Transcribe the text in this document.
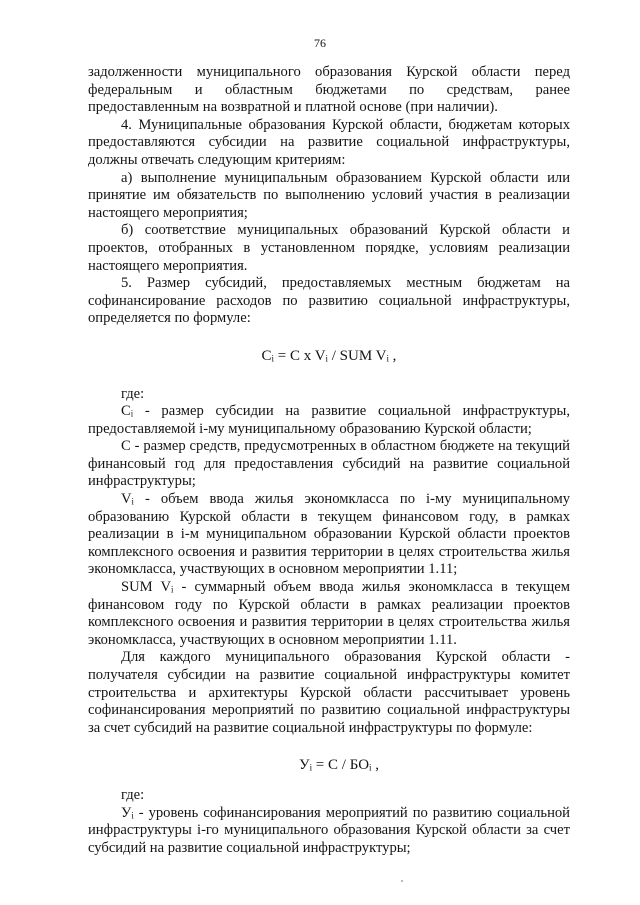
76

задолженности муниципального образования Курской области перед федеральным и областным бюджетами по средствам, ранее предоставленным на возвратной и платной основе (при наличии).

4. Муниципальные образования Курской области, бюджетам которых предоставляются субсидии на развитие социальной инфраструктуры, должны отвечать следующим критериям:

а) выполнение муниципальным образованием Курской области или принятие им обязательств по выполнению условий участия в реализации настоящего мероприятия;

б) соответствие муниципальных образований Курской области и проектов, отобранных в установленном порядке, условиям реализации настоящего мероприятия.

5. Размер субсидий, предоставляемых местным бюджетам на софинансирование расходов по развитию социальной инфраструктуры, определяется по формуле:

Cᵢ = C x Vᵢ / SUM Vᵢ ,

где:

Cᵢ - размер субсидии на развитие социальной инфраструктуры, предоставляемой i-му муниципальному образованию Курской области;

С - размер средств, предусмотренных в областном бюджете на текущий финансовый год для предоставления субсидий на развитие социальной инфраструктуры;

Vᵢ - объем ввода жилья экономкласса по i-му муниципальному образованию Курской области в текущем финансовом году, в рамках реализации в i-м муниципальном образовании Курской области проектов комплексного освоения и развития территории в целях строительства жилья экономкласса, участвующих в основном мероприятии 1.11;

SUM Vᵢ - суммарный объем ввода жилья экономкласса в текущем финансовом году по Курской области в рамках реализации проектов комплексного освоения и развития территории в целях строительства жилья экономкласса, участвующих в основном мероприятии 1.11.

Для каждого муниципального образования Курской области - получателя субсидии на развитие социальной инфраструктуры комитет строительства и архитектуры Курской области рассчитывает уровень софинансирования мероприятий по развитию социальной инфраструктуры за счет субсидий на развитие социальной инфраструктуры по формуле:

Уᵢ = С / БОᵢ ,

где:

Уᵢ - уровень софинансирования мероприятий по развитию социальной инфраструктуры i-го муниципального образования Курской области за счет субсидий на развитие социальной инфраструктуры;
